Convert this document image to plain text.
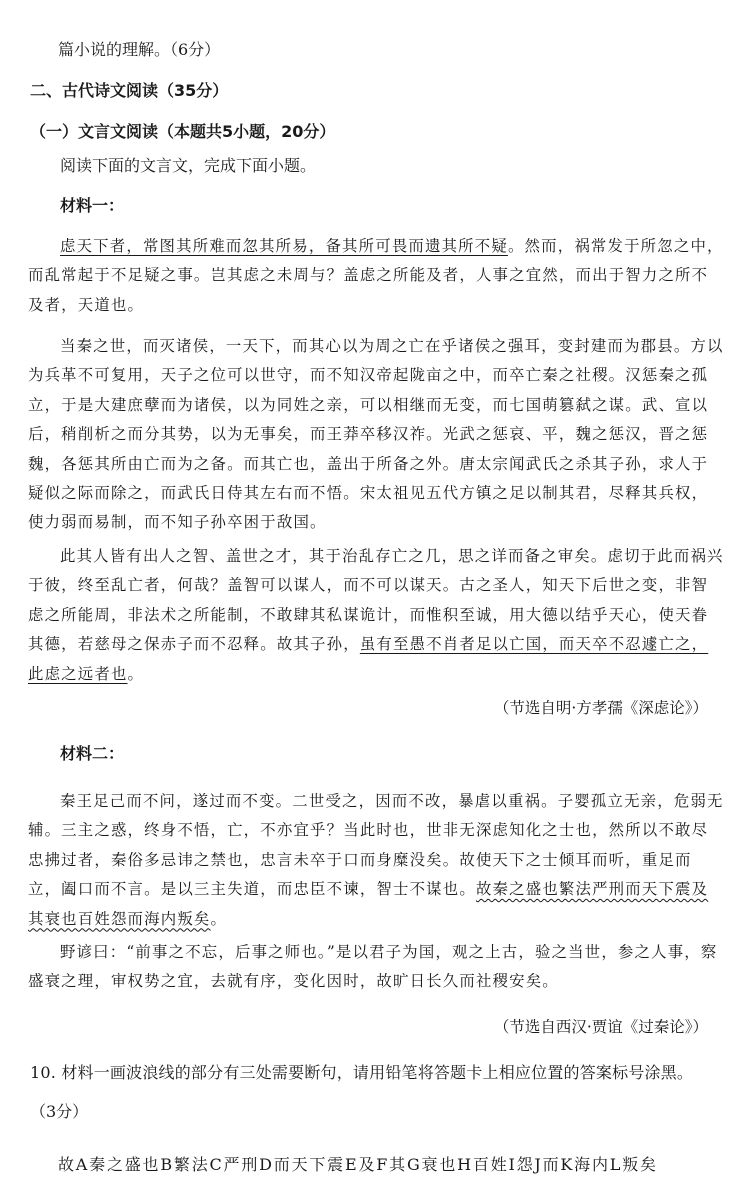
篇小说的理解。（6分）
二、古代诗文阅读（35分）
（一）文言文阅读（本题共5小题，20分）
阅读下面的文言文，完成下面小题。
材料一：

虑天下者，常图其所难而忽其所易，备其所可畏而遗其所不疑。然而，祸常发于所忽之中，而乱常起于不足疑之事。岂其虑之未周与？盖虑之所能及者，人事之宜然，而出于智力之所不及者，天道也。

当秦之世，而灭诸侯，一天下，而其心以为周之亡在乎诸侯之强耳，变封建而为郡县。方以为兵革不可复用，天子之位可以世守，而不知汉帝起陇亩之中，而卒亡秦之社稷。汉惩秦之孤立，于是大建庶孽而为诸侯，以为同姓之亲，可以相继而无变，而七国萌篡弑之谋。武、宣以后，稍削析之而分其势，以为无事矣，而王莽卒移汉祚。光武之惩哀、平，魏之惩汉，晋之惩魏，各惩其所由亡而为之备。而其亡也，盖出于所备之外。唐太宗闻武氏之杀其子孙，求人于疑似之际而除之，而武氏日侍其左右而不悟。宋太祖见五代方镇之足以制其君，尽释其兵权，使力弱而易制，而不知子孙卒困于敌国。

此其人皆有出人之智、盖世之才，其于治乱存亡之几，思之详而备之审矣。虑切于此而祸兴于彼，终至乱亡者，何哉？盖智可以谋人，而不可以谋天。古之圣人，知天下后世之变，非智虑之所能周，非法术之所能制，不敢肆其私谋诡计，而惟积至诚，用大德以结乎天心，使天眷其德，若慈母之保赤子而不忍释。故其子孙，虽有至愚不肖者足以亡国，而天卒不忍遽亡之，此虑之远者也。

（节选自明·方孝孺《深虑论》）
材料二：

秦王足己而不问，遂过而不变。二世受之，因而不改，暴虐以重祸。子婴孤立无亲，危弱无辅。三主之惑，终身不悟，亡，不亦宜乎？当此时也，世非无深虑知化之士也，然所以不敢尽忠拂过者，秦俗多忌讳之禁也，忠言未卒于口而身糜没矣。故使天下之士倾耳而听，重足而立，阖口而不言。是以三主失道，而忠臣不谏，智士不谋也。故秦之盛也繁法严刑而天下震及其衰也百姓怨而海内叛矣。

野谚曰：“前事之不忘，后事之师也。”是以君子为国，观之上古，验之当世，参之人事，察盛衰之理，审权势之宜，去就有序，变化因时，故旷日长久而社稷安矣。

（节选自西汉·贾谊《过秦论》）
10. 材料一画波浪线的部分有三处需要断句，请用铅笔将答题卡上相应位置的答案标号涂黑。
（3分）
故A秦之盛也B繁法C严刑D而天下震E及F其G衰也H百姓I怨J而K海内L叛矣
